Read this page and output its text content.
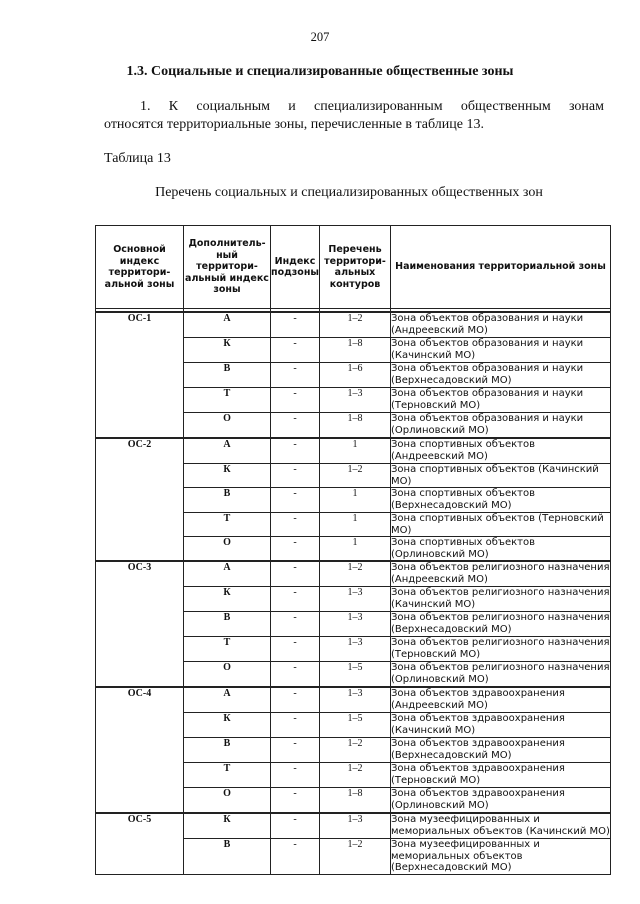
207
1.3. Социальные и специализированные общественные зоны
1. К социальным и специализированным общественным зонам
относятся территориальные зоны, перечисленные в таблице 13.
Таблица 13
Перечень социальных и специализированных общественных зон
Основной индекс территори-альной зоны	Дополнитель-ный территори-альный индекс зоны	Индекс подзоны	Перечень территори-альных контуров	Наименования территориальной зоны

ОС-1	А	-	1–2	Зона объектов образования и науки (Андреевский МО)
	К	-	1–8	Зона объектов образования и науки (Качинский МО)
	В	-	1–6	Зона объектов образования и науки (Верхнесадовский МО)
	Т	-	1–3	Зона объектов образования и науки (Терновский МО)
	О	-	1–8	Зона объектов образования и науки (Орлиновский МО)
ОС-2	А	-	1	Зона спортивных объектов (Андреевский МО)
	К	-	1–2	Зона спортивных объектов (Качинский МО)
	В	-	1	Зона спортивных объектов (Верхнесадовский МО)
	Т	-	1	Зона спортивных объектов (Терновский МО)
	О	-	1	Зона спортивных объектов (Орлиновский МО)
ОС-3	А	-	1–2	Зона объектов религиозного назначения (Андреевский МО)
	К	-	1–3	Зона объектов религиозного назначения (Качинский МО)
	В	-	1–3	Зона объектов религиозного назначения (Верхнесадовский МО)
	Т	-	1–3	Зона объектов религиозного назначения (Терновский МО)
	О	-	1–5	Зона объектов религиозного назначения (Орлиновский МО)
ОС-4	А	-	1–3	Зона объектов здравоохранения (Андреевский МО)
	К	-	1–5	Зона объектов здравоохранения (Качинский МО)
	В	-	1–2	Зона объектов здравоохранения (Верхнесадовский МО)
	Т	-	1–2	Зона объектов здравоохранения (Терновский МО)
	О	-	1–8	Зона объектов здравоохранения (Орлиновский МО)
ОС-5	К	-	1–3	Зона музеефицированных и мемориальных объектов (Качинский МО)
	В	-	1–2	Зона музеефицированных и мемориальных объектов (Верхнесадовский МО)
